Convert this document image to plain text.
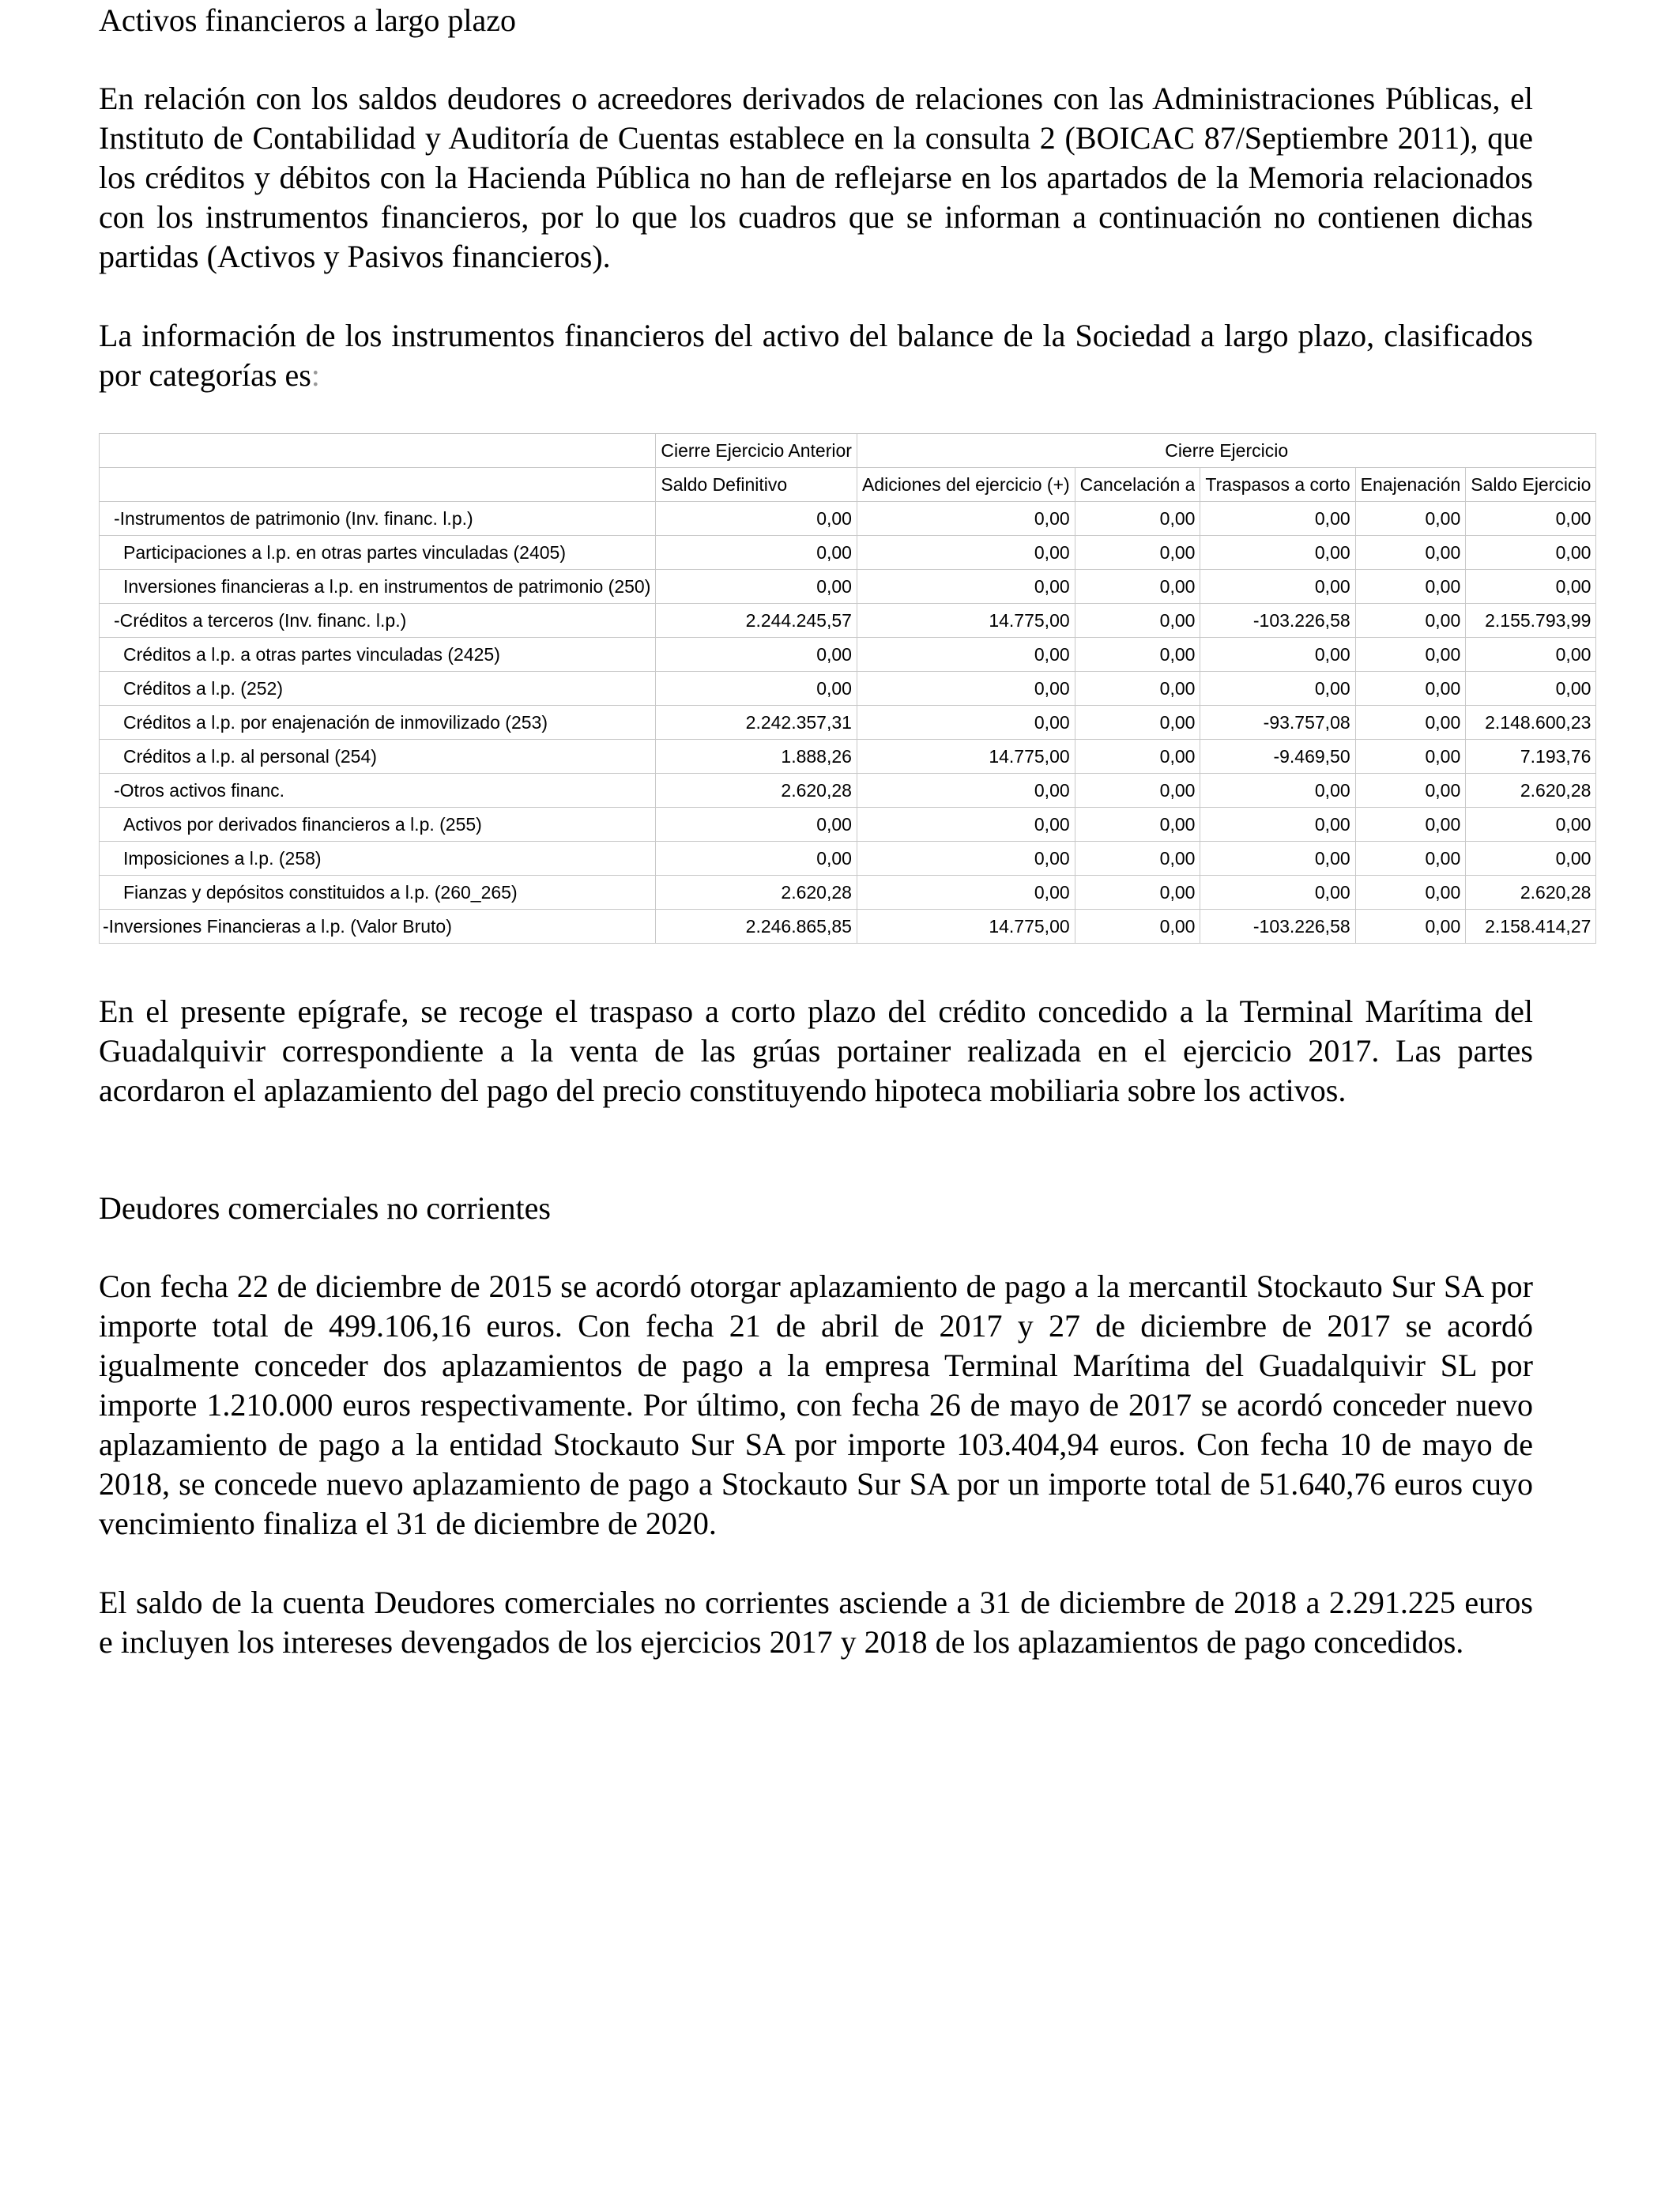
Activos financieros a largo plazo

En relación con los saldos deudores o acreedores derivados de relaciones con las Administraciones Públicas, el Instituto de Contabilidad y Auditoría de Cuentas establece en la consulta 2 (BOICAC 87/Septiembre 2011), que los créditos y débitos con la Hacienda Pública no han de reflejarse en los apartados de la Memoria relacionados con los instrumentos financieros, por lo que los cuadros que se informan a continuación no contienen dichas partidas (Activos y Pasivos financieros).

La información de los instrumentos financieros del activo del balance de la Sociedad a largo plazo, clasificados por categorías es:

	Cierre Ejercicio Anterior	Cierre Ejercicio				
	Saldo Definitivo	Adiciones del ejercicio (+)	Cancelación a	Traspasos a corto	Enajenación	Saldo Ejercicio
-Instrumentos de patrimonio (Inv. financ. l.p.)	0,00	0,00	0,00	0,00	0,00	0,00
Participaciones a l.p. en otras partes vinculadas (2405)	0,00	0,00	0,00	0,00	0,00	0,00
Inversiones financieras a l.p. en instrumentos de patrimonio (250)	0,00	0,00	0,00	0,00	0,00	0,00
-Créditos a terceros (Inv. financ. l.p.)	2.244.245,57	14.775,00	0,00	-103.226,58	0,00	2.155.793,99
Créditos a l.p. a otras partes vinculadas (2425)	0,00	0,00	0,00	0,00	0,00	0,00
Créditos a l.p. (252)	0,00	0,00	0,00	0,00	0,00	0,00
Créditos a l.p. por enajenación de inmovilizado (253)	2.242.357,31	0,00	0,00	-93.757,08	0,00	2.148.600,23
Créditos a l.p. al personal (254)	1.888,26	14.775,00	0,00	-9.469,50	0,00	7.193,76
-Otros activos financ.	2.620,28	0,00	0,00	0,00	0,00	2.620,28
Activos por derivados financieros a l.p. (255)	0,00	0,00	0,00	0,00	0,00	0,00
Imposiciones a l.p. (258)	0,00	0,00	0,00	0,00	0,00	0,00
Fianzas y depósitos constituidos a l.p. (260_265)	2.620,28	0,00	0,00	0,00	0,00	2.620,28
-Inversiones Financieras a l.p. (Valor Bruto)	2.246.865,85	14.775,00	0,00	-103.226,58	0,00	2.158.414,27

En el presente epígrafe, se recoge el traspaso a corto plazo del crédito concedido a la Terminal Marítima del Guadalquivir correspondiente a la venta de las grúas portainer realizada en el ejercicio 2017. Las partes acordaron el aplazamiento del pago del precio constituyendo hipoteca mobiliaria sobre los activos.

Deudores comerciales no corrientes

Con fecha 22 de diciembre de 2015 se acordó otorgar aplazamiento de pago a la mercantil Stockauto Sur SA por importe total de 499.106,16 euros. Con fecha 21 de abril de 2017 y 27 de diciembre de 2017 se acordó igualmente conceder dos aplazamientos de pago a la empresa Terminal Marítima del Guadalquivir SL por importe 1.210.000 euros respectivamente. Por último, con fecha 26 de mayo de 2017 se acordó conceder nuevo aplazamiento de pago a la entidad Stockauto Sur SA por importe 103.404,94 euros. Con fecha 10 de mayo de 2018, se concede nuevo aplazamiento de pago a Stockauto Sur SA por un importe total de 51.640,76 euros cuyo vencimiento finaliza el 31 de diciembre de 2020.

El saldo de la cuenta Deudores comerciales no corrientes asciende a 31 de diciembre de 2018 a 2.291.225 euros e incluyen los intereses devengados de los ejercicios 2017 y 2018 de los aplazamientos de pago concedidos.
